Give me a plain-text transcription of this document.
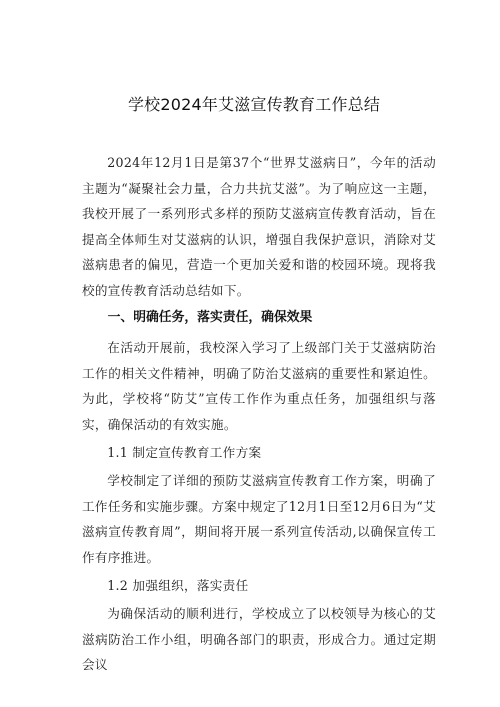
学校2024年艾滋宣传教育工作总结

2024年12月1日是第37个“世界艾滋病日”，今年的活动主题为“凝聚社会力量，合力共抗艾滋”。为了响应这一主题，我校开展了一系列形式多样的预防艾滋病宣传教育活动，旨在提高全体师生对艾滋病的认识，增强自我保护意识，消除对艾滋病患者的偏见，营造一个更加关爱和谐的校园环境。现将我校的宣传教育活动总结如下。

一、明确任务，落实责任，确保效果

在活动开展前，我校深入学习了上级部门关于艾滋病防治工作的相关文件精神，明确了防治艾滋病的重要性和紧迫性。为此，学校将“防艾”宣传工作作为重点任务，加强组织与落实，确保活动的有效实施。

1.1 制定宣传教育工作方案

学校制定了详细的预防艾滋病宣传教育工作方案，明确了工作任务和实施步骤。方案中规定了12月1日至12月6日为“艾滋病宣传教育周”，期间将开展一系列宣传活动,以确保宣传工作有序推进。

1.2 加强组织，落实责任

为确保活动的顺利进行，学校成立了以校领导为核心的艾滋病防治工作小组，明确各部门的职责，形成合力。通过定期会议
